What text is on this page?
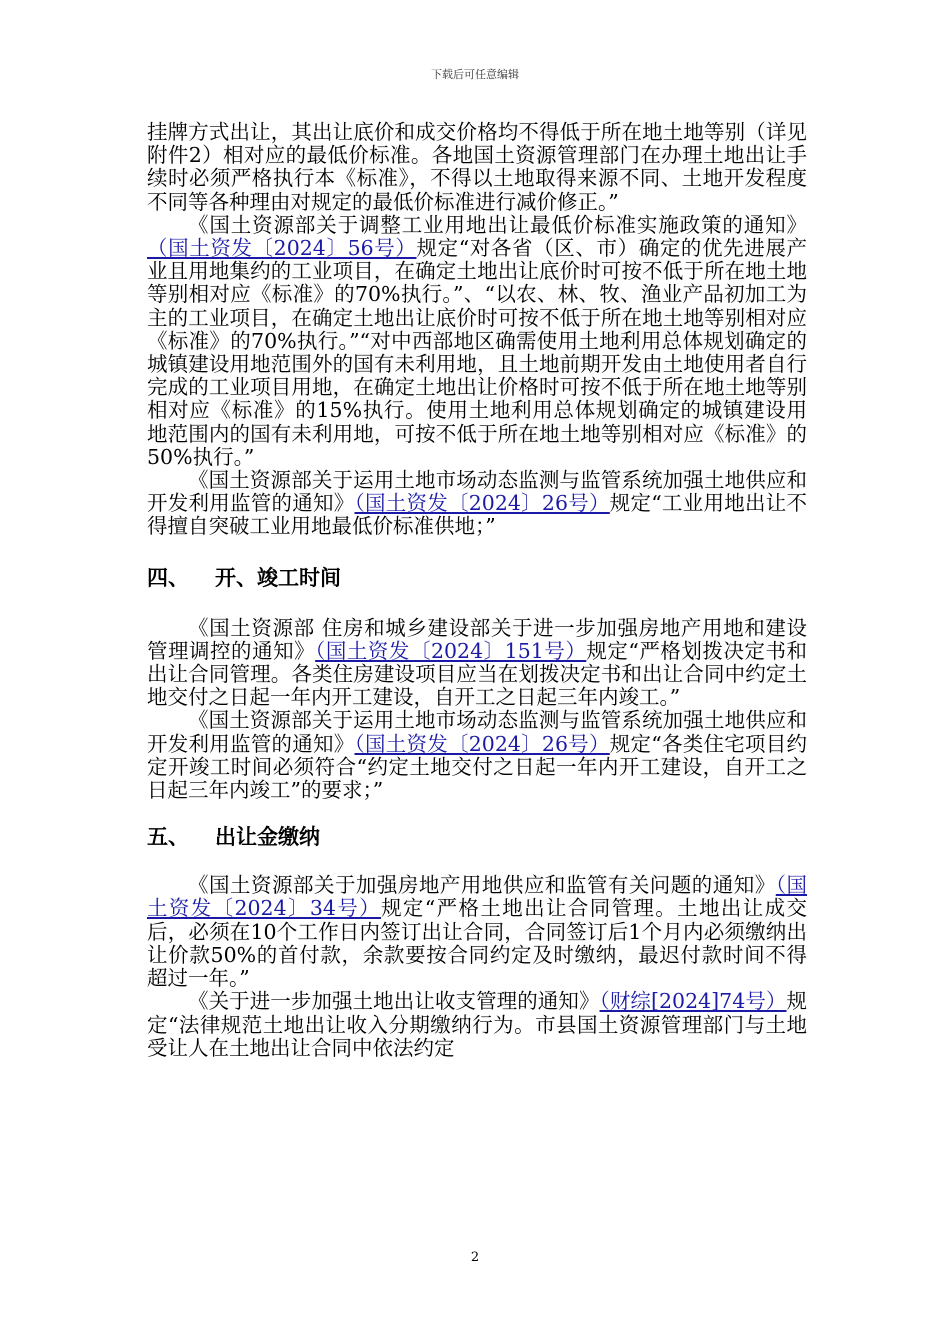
下载后可任意编辑

挂牌方式出让，其出让底价和成交价格均不得低于所在地土地等别（详见附件2）相对应的最低价标准。各地国土资源管理部门在办理土地出让手续时必须严格执行本《标准》，不得以土地取得来源不同、土地开发程度不同等各种理由对规定的最低价标准进行减价修正。”

《国土资源部关于调整工业用地出让最低价标准实施政策的通知》（国土资发〔2024〕56号）规定“对各省（区、市）确定的优先进展产业且用地集约的工业项目，在确定土地出让底价时可按不低于所在地土地等别相对应《标准》的70%执行。”、“以农、林、牧、渔业产品初加工为主的工业项目，在确定土地出让底价时可按不低于所在地土地等别相对应《标准》的70%执行。”“对中西部地区确需使用土地利用总体规划确定的城镇建设用地范围外的国有未利用地，且土地前期开发由土地使用者自行完成的工业项目用地，在确定土地出让价格时可按不低于所在地土地等别相对应《标准》的15%执行。使用土地利用总体规划确定的城镇建设用地范围内的国有未利用地，可按不低于所在地土地等别相对应《标准》的50%执行。”

《国土资源部关于运用土地市场动态监测与监管系统加强土地供应和开发利用监管的通知》（国土资发〔2024〕26号）规定“工业用地出让不得擅自突破工业用地最低价标准供地；”

四、 开、竣工时间

《国土资源部 住房和城乡建设部关于进一步加强房地产用地和建设管理调控的通知》（国土资发〔2024〕151号）规定“严格划拨决定书和出让合同管理。各类住房建设项目应当在划拨决定书和出让合同中约定土地交付之日起一年内开工建设，自开工之日起三年内竣工。”

《国土资源部关于运用土地市场动态监测与监管系统加强土地供应和开发利用监管的通知》（国土资发〔2024〕26号）规定“各类住宅项目约定开竣工时间必须符合“约定土地交付之日起一年内开工建设，自开工之日起三年内竣工”的要求；”

五、 出让金缴纳

《国土资源部关于加强房地产用地供应和监管有关问题的通知》（国土资发〔2024〕34号）规定“严格土地出让合同管理。土地出让成交后，必须在10个工作日内签订出让合同，合同签订后1个月内必须缴纳出让价款50%的首付款，余款要按合同约定及时缴纳，最迟付款时间不得超过一年。”

《关于进一步加强土地出让收支管理的通知》（财综[2024]74号）规定“法律规范土地出让收入分期缴纳行为。市县国土资源管理部门与土地受让人在土地出让合同中依法约定

2
